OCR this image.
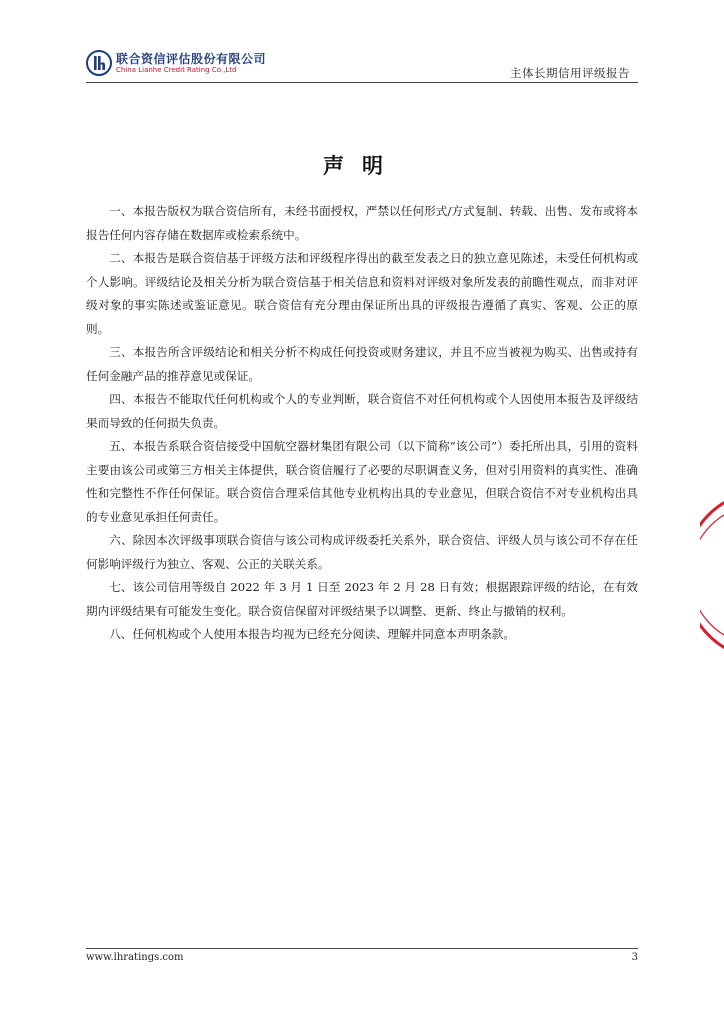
联合资信评估股份有限公司
China Lianhe Credit Rating Co.,Ltd	主体长期信用评级报告
声明

一、本报告版权为联合资信所有，未经书面授权，严禁以任何形式/方式复制、转载、出售、发布或将本报告任何内容存储在数据库或检索系统中。

二、本报告是联合资信基于评级方法和评级程序得出的截至发表之日的独立意见陈述，未受任何机构或个人影响。评级结论及相关分析为联合资信基于相关信息和资料对评级对象所发表的前瞻性观点，而非对评级对象的事实陈述或鉴证意见。联合资信有充分理由保证所出具的评级报告遵循了真实、客观、公正的原则。

三、本报告所含评级结论和相关分析不构成任何投资或财务建议，并且不应当被视为购买、出售或持有任何金融产品的推荐意见或保证。

四、本报告不能取代任何机构或个人的专业判断，联合资信不对任何机构或个人因使用本报告及评级结果而导致的任何损失负责。

五、本报告系联合资信接受中国航空器材集团有限公司（以下简称“该公司”）委托所出具，引用的资料主要由该公司或第三方相关主体提供，联合资信履行了必要的尽职调查义务，但对引用资料的真实性、准确性和完整性不作任何保证。联合资信合理采信其他专业机构出具的专业意见，但联合资信不对专业机构出具的专业意见承担任何责任。

六、除因本次评级事项联合资信与该公司构成评级委托关系外，联合资信、评级人员与该公司不存在任何影响评级行为独立、客观、公正的关联关系。

七、该公司信用等级自 2022 年 3 月 1 日至 2023 年 2 月 28 日有效；根据跟踪评级的结论，在有效期内评级结果有可能发生变化。联合资信保留对评级结果予以调整、更新、终止与撤销的权利。

八、任何机构或个人使用本报告均视为已经充分阅读、理解并同意本声明条款。

www.lhratings.com	3
